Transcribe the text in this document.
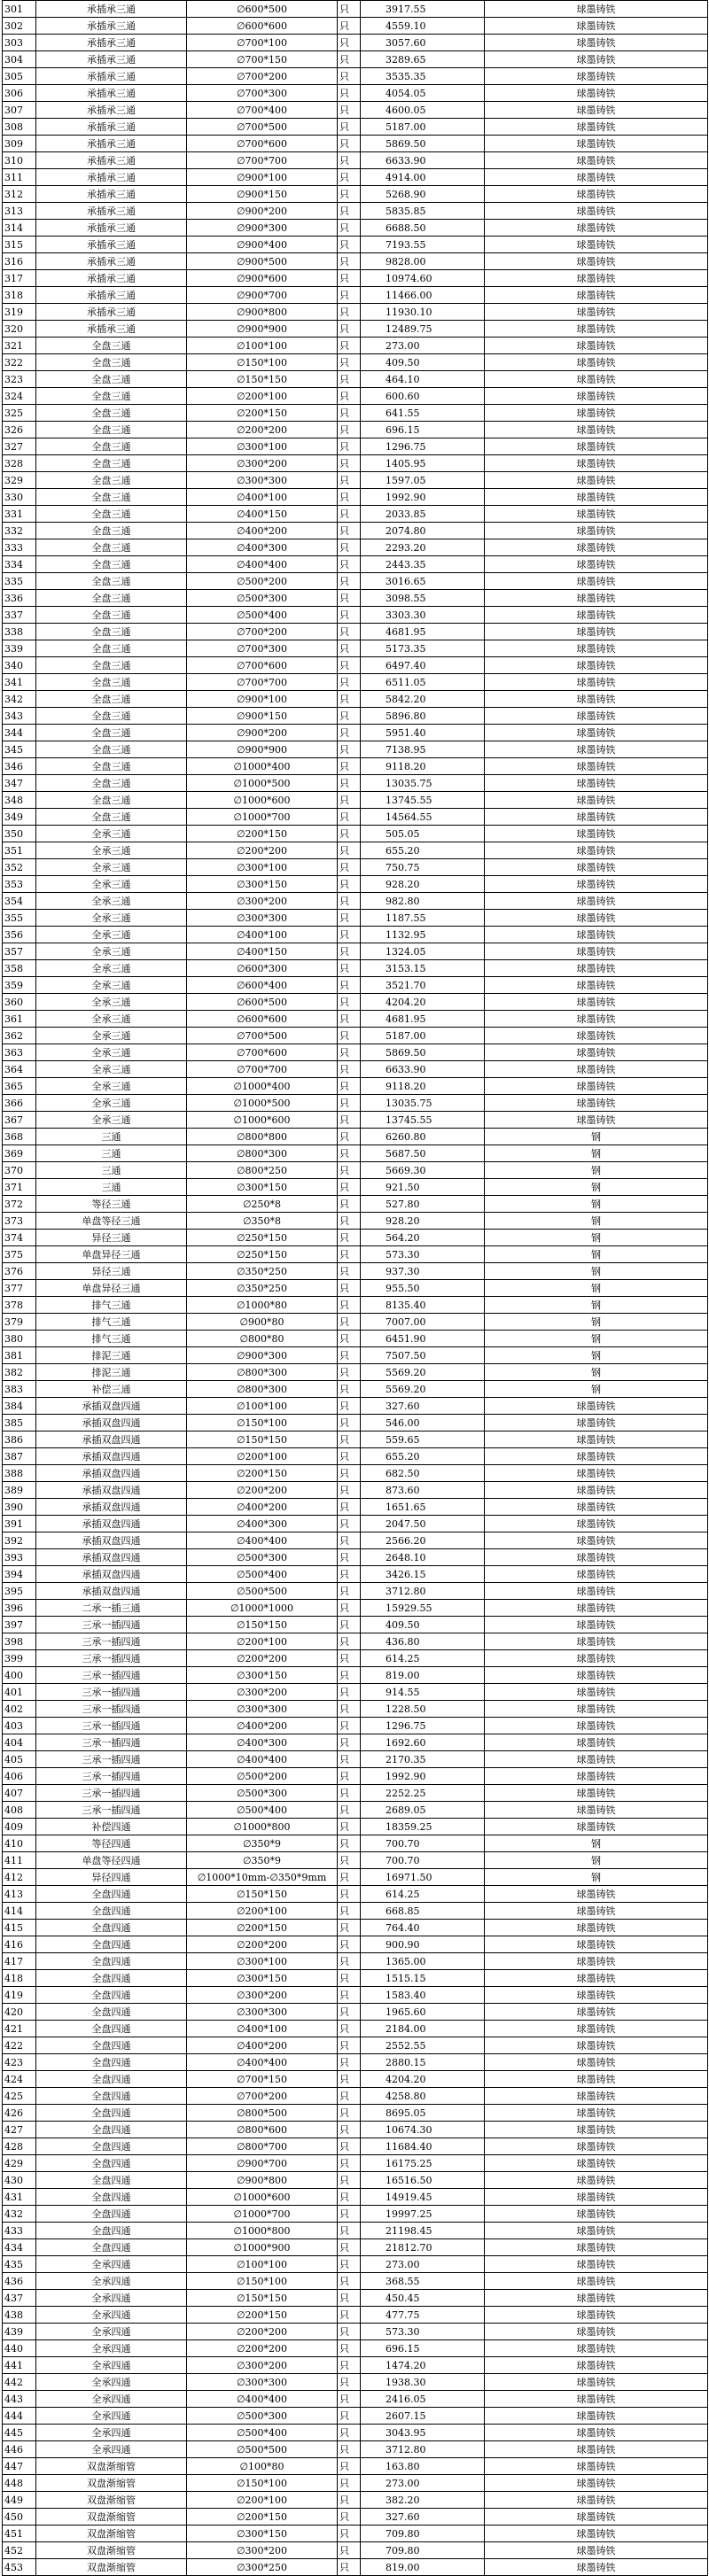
301	承插承三通	∅600*500	只	3917.55	球墨铸铁
302	承插承三通	∅600*600	只	4559.10	球墨铸铁
303	承插承三通	∅700*100	只	3057.60	球墨铸铁
304	承插承三通	∅700*150	只	3289.65	球墨铸铁
305	承插承三通	∅700*200	只	3535.35	球墨铸铁
306	承插承三通	∅700*300	只	4054.05	球墨铸铁
307	承插承三通	∅700*400	只	4600.05	球墨铸铁
308	承插承三通	∅700*500	只	5187.00	球墨铸铁
309	承插承三通	∅700*600	只	5869.50	球墨铸铁
310	承插承三通	∅700*700	只	6633.90	球墨铸铁
311	承插承三通	∅900*100	只	4914.00	球墨铸铁
312	承插承三通	∅900*150	只	5268.90	球墨铸铁
313	承插承三通	∅900*200	只	5835.85	球墨铸铁
314	承插承三通	∅900*300	只	6688.50	球墨铸铁
315	承插承三通	∅900*400	只	7193.55	球墨铸铁
316	承插承三通	∅900*500	只	9828.00	球墨铸铁
317	承插承三通	∅900*600	只	10974.60	球墨铸铁
318	承插承三通	∅900*700	只	11466.00	球墨铸铁
319	承插承三通	∅900*800	只	11930.10	球墨铸铁
320	承插承三通	∅900*900	只	12489.75	球墨铸铁
321	全盘三通	∅100*100	只	273.00	球墨铸铁
322	全盘三通	∅150*100	只	409.50	球墨铸铁
323	全盘三通	∅150*150	只	464.10	球墨铸铁
324	全盘三通	∅200*100	只	600.60	球墨铸铁
325	全盘三通	∅200*150	只	641.55	球墨铸铁
326	全盘三通	∅200*200	只	696.15	球墨铸铁
327	全盘三通	∅300*100	只	1296.75	球墨铸铁
328	全盘三通	∅300*200	只	1405.95	球墨铸铁
329	全盘三通	∅300*300	只	1597.05	球墨铸铁
330	全盘三通	∅400*100	只	1992.90	球墨铸铁
331	全盘三通	∅400*150	只	2033.85	球墨铸铁
332	全盘三通	∅400*200	只	2074.80	球墨铸铁
333	全盘三通	∅400*300	只	2293.20	球墨铸铁
334	全盘三通	∅400*400	只	2443.35	球墨铸铁
335	全盘三通	∅500*200	只	3016.65	球墨铸铁
336	全盘三通	∅500*300	只	3098.55	球墨铸铁
337	全盘三通	∅500*400	只	3303.30	球墨铸铁
338	全盘三通	∅700*200	只	4681.95	球墨铸铁
339	全盘三通	∅700*300	只	5173.35	球墨铸铁
340	全盘三通	∅700*600	只	6497.40	球墨铸铁
341	全盘三通	∅700*700	只	6511.05	球墨铸铁
342	全盘三通	∅900*100	只	5842.20	球墨铸铁
343	全盘三通	∅900*150	只	5896.80	球墨铸铁
344	全盘三通	∅900*200	只	5951.40	球墨铸铁
345	全盘三通	∅900*900	只	7138.95	球墨铸铁
346	全盘三通	∅1000*400	只	9118.20	球墨铸铁
347	全盘三通	∅1000*500	只	13035.75	球墨铸铁
348	全盘三通	∅1000*600	只	13745.55	球墨铸铁
349	全盘三通	∅1000*700	只	14564.55	球墨铸铁
350	全承三通	∅200*150	只	505.05	球墨铸铁
351	全承三通	∅200*200	只	655.20	球墨铸铁
352	全承三通	∅300*100	只	750.75	球墨铸铁
353	全承三通	∅300*150	只	928.20	球墨铸铁
354	全承三通	∅300*200	只	982.80	球墨铸铁
355	全承三通	∅300*300	只	1187.55	球墨铸铁
356	全承三通	∅400*100	只	1132.95	球墨铸铁
357	全承三通	∅400*150	只	1324.05	球墨铸铁
358	全承三通	∅600*300	只	3153.15	球墨铸铁
359	全承三通	∅600*400	只	3521.70	球墨铸铁
360	全承三通	∅600*500	只	4204.20	球墨铸铁
361	全承三通	∅600*600	只	4681.95	球墨铸铁
362	全承三通	∅700*500	只	5187.00	球墨铸铁
363	全承三通	∅700*600	只	5869.50	球墨铸铁
364	全承三通	∅700*700	只	6633.90	球墨铸铁
365	全承三通	∅1000*400	只	9118.20	球墨铸铁
366	全承三通	∅1000*500	只	13035.75	球墨铸铁
367	全承三通	∅1000*600	只	13745.55	球墨铸铁
368	三通	∅800*800	只	6260.80	钢
369	三通	∅800*300	只	5687.50	钢
370	三通	∅800*250	只	5669.30	钢
371	三通	∅300*150	只	921.50	钢
372	等径三通	∅250*8	只	527.80	钢
373	单盘等径三通	∅350*8	只	928.20	钢
374	异径三通	∅250*150	只	564.20	钢
375	单盘异径三通	∅250*150	只	573.30	钢
376	异径三通	∅350*250	只	937.30	钢
377	单盘异径三通	∅350*250	只	955.50	钢
378	排气三通	∅1000*80	只	8135.40	钢
379	排气三通	∅900*80	只	7007.00	钢
380	排气三通	∅800*80	只	6451.90	钢
381	排泥三通	∅900*300	只	7507.50	钢
382	排泥三通	∅800*300	只	5569.20	钢
383	补偿三通	∅800*300	只	5569.20	钢
384	承插双盘四通	∅100*100	只	327.60	球墨铸铁
385	承插双盘四通	∅150*100	只	546.00	球墨铸铁
386	承插双盘四通	∅150*150	只	559.65	球墨铸铁
387	承插双盘四通	∅200*100	只	655.20	球墨铸铁
388	承插双盘四通	∅200*150	只	682.50	球墨铸铁
389	承插双盘四通	∅200*200	只	873.60	球墨铸铁
390	承插双盘四通	∅400*200	只	1651.65	球墨铸铁
391	承插双盘四通	∅400*300	只	2047.50	球墨铸铁
392	承插双盘四通	∅400*400	只	2566.20	球墨铸铁
393	承插双盘四通	∅500*300	只	2648.10	球墨铸铁
394	承插双盘四通	∅500*400	只	3426.15	球墨铸铁
395	承插双盘四通	∅500*500	只	3712.80	球墨铸铁
396	二承一插三通	∅1000*1000	只	15929.55	球墨铸铁
397	三承一插四通	∅150*150	只	409.50	球墨铸铁
398	三承一插四通	∅200*100	只	436.80	球墨铸铁
399	三承一插四通	∅200*200	只	614.25	球墨铸铁
400	三承一插四通	∅300*150	只	819.00	球墨铸铁
401	三承一插四通	∅300*200	只	914.55	球墨铸铁
402	三承一插四通	∅300*300	只	1228.50	球墨铸铁
403	三承一插四通	∅400*200	只	1296.75	球墨铸铁
404	三承一插四通	∅400*300	只	1692.60	球墨铸铁
405	三承一插四通	∅400*400	只	2170.35	球墨铸铁
406	三承一插四通	∅500*200	只	1992.90	球墨铸铁
407	三承一插四通	∅500*300	只	2252.25	球墨铸铁
408	三承一插四通	∅500*400	只	2689.05	球墨铸铁
409	补偿四通	∅1000*800	只	18359.25	球墨铸铁
410	等径四通	∅350*9	只	700.70	钢
411	单盘等径四通	∅350*9	只	700.70	钢
412	异径四通	∅1000*10mm-∅350*9mm	只	16971.50	钢
413	全盘四通	∅150*150	只	614.25	球墨铸铁
414	全盘四通	∅200*100	只	668.85	球墨铸铁
415	全盘四通	∅200*150	只	764.40	球墨铸铁
416	全盘四通	∅200*200	只	900.90	球墨铸铁
417	全盘四通	∅300*100	只	1365.00	球墨铸铁
418	全盘四通	∅300*150	只	1515.15	球墨铸铁
419	全盘四通	∅300*200	只	1583.40	球墨铸铁
420	全盘四通	∅300*300	只	1965.60	球墨铸铁
421	全盘四通	∅400*100	只	2184.00	球墨铸铁
422	全盘四通	∅400*200	只	2552.55	球墨铸铁
423	全盘四通	∅400*400	只	2880.15	球墨铸铁
424	全盘四通	∅700*150	只	4204.20	球墨铸铁
425	全盘四通	∅700*200	只	4258.80	球墨铸铁
426	全盘四通	∅800*500	只	8695.05	球墨铸铁
427	全盘四通	∅800*600	只	10674.30	球墨铸铁
428	全盘四通	∅800*700	只	11684.40	球墨铸铁
429	全盘四通	∅900*700	只	16175.25	球墨铸铁
430	全盘四通	∅900*800	只	16516.50	球墨铸铁
431	全盘四通	∅1000*600	只	14919.45	球墨铸铁
432	全盘四通	∅1000*700	只	19997.25	球墨铸铁
433	全盘四通	∅1000*800	只	21198.45	球墨铸铁
434	全盘四通	∅1000*900	只	21812.70	球墨铸铁
435	全承四通	∅100*100	只	273.00	球墨铸铁
436	全承四通	∅150*100	只	368.55	球墨铸铁
437	全承四通	∅150*150	只	450.45	球墨铸铁
438	全承四通	∅200*150	只	477.75	球墨铸铁
439	全承四通	∅200*200	只	573.30	球墨铸铁
440	全承四通	∅200*200	只	696.15	球墨铸铁
441	全承四通	∅300*200	只	1474.20	球墨铸铁
442	全承四通	∅300*300	只	1938.30	球墨铸铁
443	全承四通	∅400*400	只	2416.05	球墨铸铁
444	全承四通	∅500*300	只	2607.15	球墨铸铁
445	全承四通	∅500*400	只	3043.95	球墨铸铁
446	全承四通	∅500*500	只	3712.80	球墨铸铁
447	双盘渐缩管	∅100*80	只	163.80	球墨铸铁
448	双盘渐缩管	∅150*100	只	273.00	球墨铸铁
449	双盘渐缩管	∅200*100	只	382.20	球墨铸铁
450	双盘渐缩管	∅200*150	只	327.60	球墨铸铁
451	双盘渐缩管	∅300*150	只	709.80	球墨铸铁
452	双盘渐缩管	∅300*200	只	709.80	球墨铸铁
453	双盘渐缩管	∅300*250	只	819.00	球墨铸铁
